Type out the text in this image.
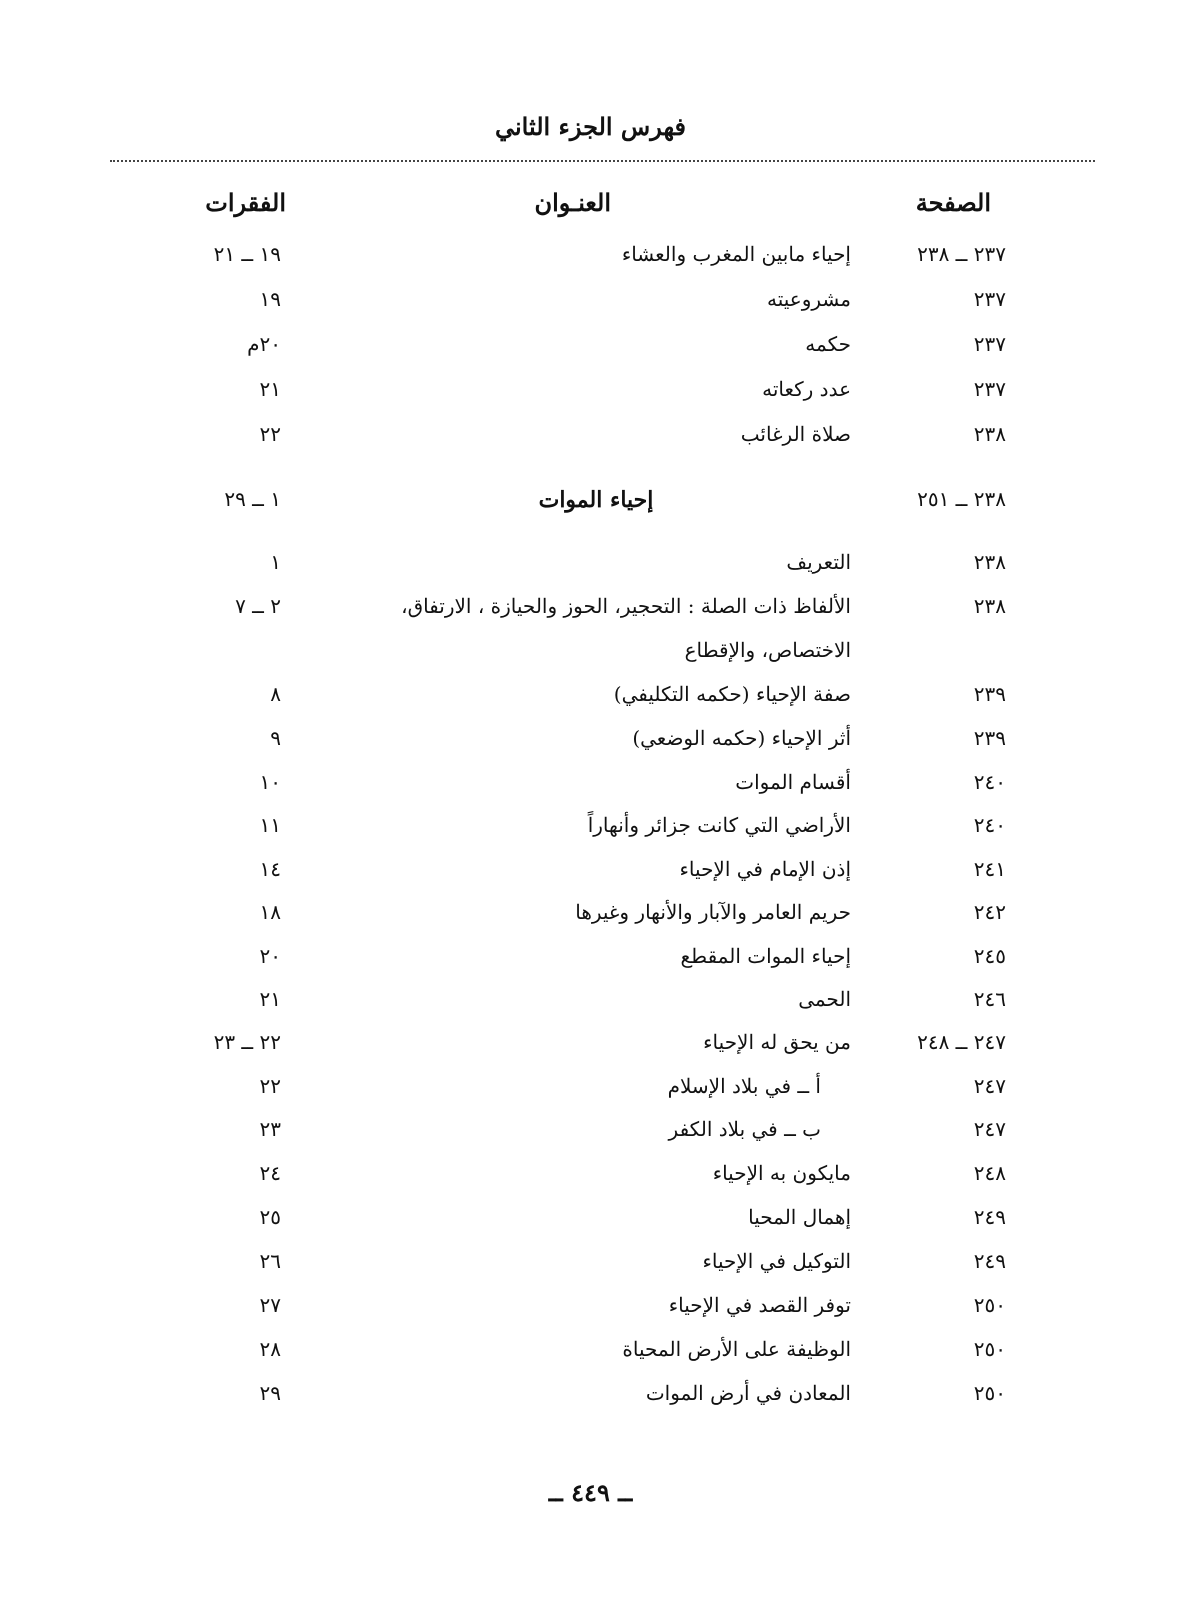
فهرس الجزء الثاني
الصفحة
العنـوان
الفقرات
٢٣٧ ــ ٢٣٨
إحياء مابين المغرب والعشاء
١٩ ــ ٢١
٢٣٧
مشروعيته
١٩
٢٣٧
حكمه
٢٠م
٢٣٧
عدد ركعاته
٢١
٢٣٨
صلاة الرغائب
٢٢
٢٣٨ ــ ٢٥١
إحياء الموات
١ ــ ٢٩
٢٣٨
التعريف
١
٢٣٨
الألفاظ ذات الصلة : التحجير، الحوز والحيازة ، الارتفاق،
٢ ــ ٧
الاختصاص، والإقطاع
٢٣٩
صفة الإحياء (حكمه التكليفي)
٨
٢٣٩
أثر الإحياء (حكمه الوضعي)
٩
٢٤٠
أقسام الموات
١٠
٢٤٠
الأراضي التي كانت جزائر وأنهاراً
١١
٢٤١
إذن الإمام في الإحياء
١٤
٢٤٢
حريم العامر والآبار والأنهار وغيرها
١٨
٢٤٥
إحياء الموات المقطع
٢٠
٢٤٦
الحمى
٢١
٢٤٧ ــ ٢٤٨
من يحق له الإحياء
٢٢ ــ ٢٣
٢٤٧
أ ــ في بلاد الإسلام
٢٢
٢٤٧
ب ــ في بلاد الكفر
٢٣
٢٤٨
مايكون به الإحياء
٢٤
٢٤٩
إهمال المحيا
٢٥
٢٤٩
التوكيل في الإحياء
٢٦
٢٥٠
توفر القصد في الإحياء
٢٧
٢٥٠
الوظيفة على الأرض المحياة
٢٨
٢٥٠
المعادن في أرض الموات
٢٩
ــ ٤٤٩ ــ
